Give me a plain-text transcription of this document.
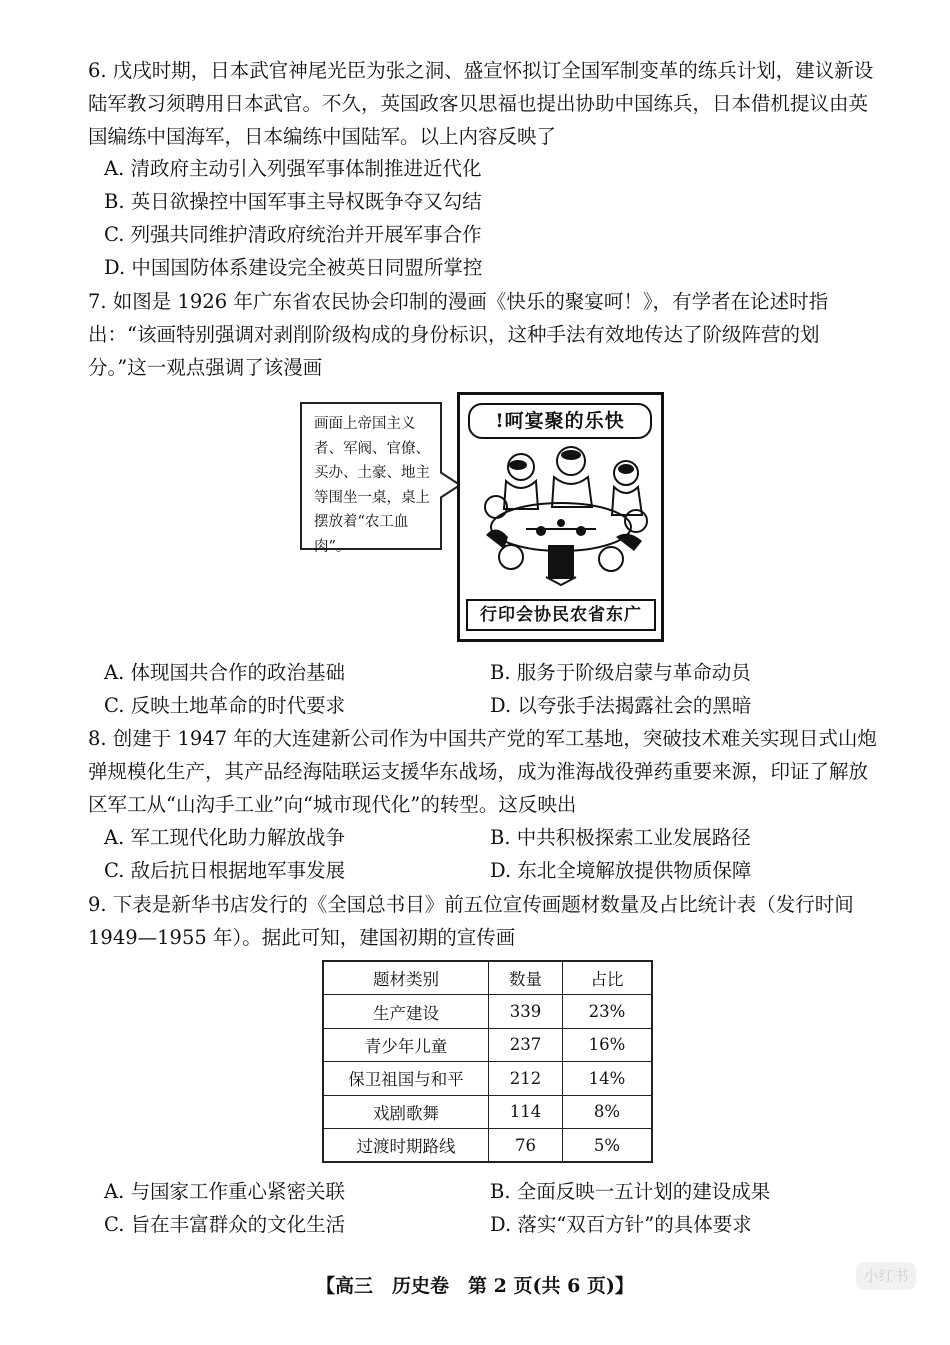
6. 戊戌时期，日本武官神尾光臣为张之洞、盛宣怀拟订全国军制变革的练兵计划，建议新设陆军教习须聘用日本武官。不久，英国政客贝思福也提出协助中国练兵，日本借机提议由英国编练中国海军，日本编练中国陆军。以上内容反映了

A. 清政府主动引入列强军事体制推进近代化
B. 英日欲操控中国军事主导权既争夺又勾结
C. 列强共同维护清政府统治并开展军事合作
D. 中国国防体系建设完全被英日同盟所掌控

7. 如图是 1926 年广东省农民协会印制的漫画《快乐的聚宴呵！》，有学者在论述时指出：“该画特别强调对剥削阶级构成的身份标识，这种手法有效地传达了阶级阵营的划分。”这一观点强调了该漫画

画面上帝国主义者、军阀、官僚、买办、土豪、地主等围坐一桌，桌上摆放着“农工血肉”。
快乐的聚宴呵!
广东省农民协会印行
A. 体现国共合作的政治基础	B. 服务于阶级启蒙与革命动员
C. 反映土地革命的时代要求	D. 以夸张手法揭露社会的黑暗

8. 创建于 1947 年的大连建新公司作为中国共产党的军工基地，突破技术难关实现日式山炮弹规模化生产，其产品经海陆联运支援华东战场，成为淮海战役弹药重要来源，印证了解放区军工从“山沟手工业”向“城市现代化”的转型。这反映出

A. 军工现代化助力解放战争	B. 中共积极探索工业发展路径
C. 敌后抗日根据地军事发展	D. 东北全境解放提供物质保障

9. 下表是新华书店发行的《全国总书目》前五位宣传画题材数量及占比统计表（发行时间 1949—1955 年）。据此可知，建国初期的宣传画

题材类别	数量	占比
生产建设	339	23%
青少年儿童	237	16%
保卫祖国与和平	212	14%
戏剧歌舞	114	8%
过渡时期路线	76	5%
A. 与国家工作重心紧密关联	B. 全面反映一五计划的建设成果
C. 旨在丰富群众的文化生活	D. 落实“双百方针”的具体要求
【高三　历史卷　第 2 页(共 6 页)】	小红书
